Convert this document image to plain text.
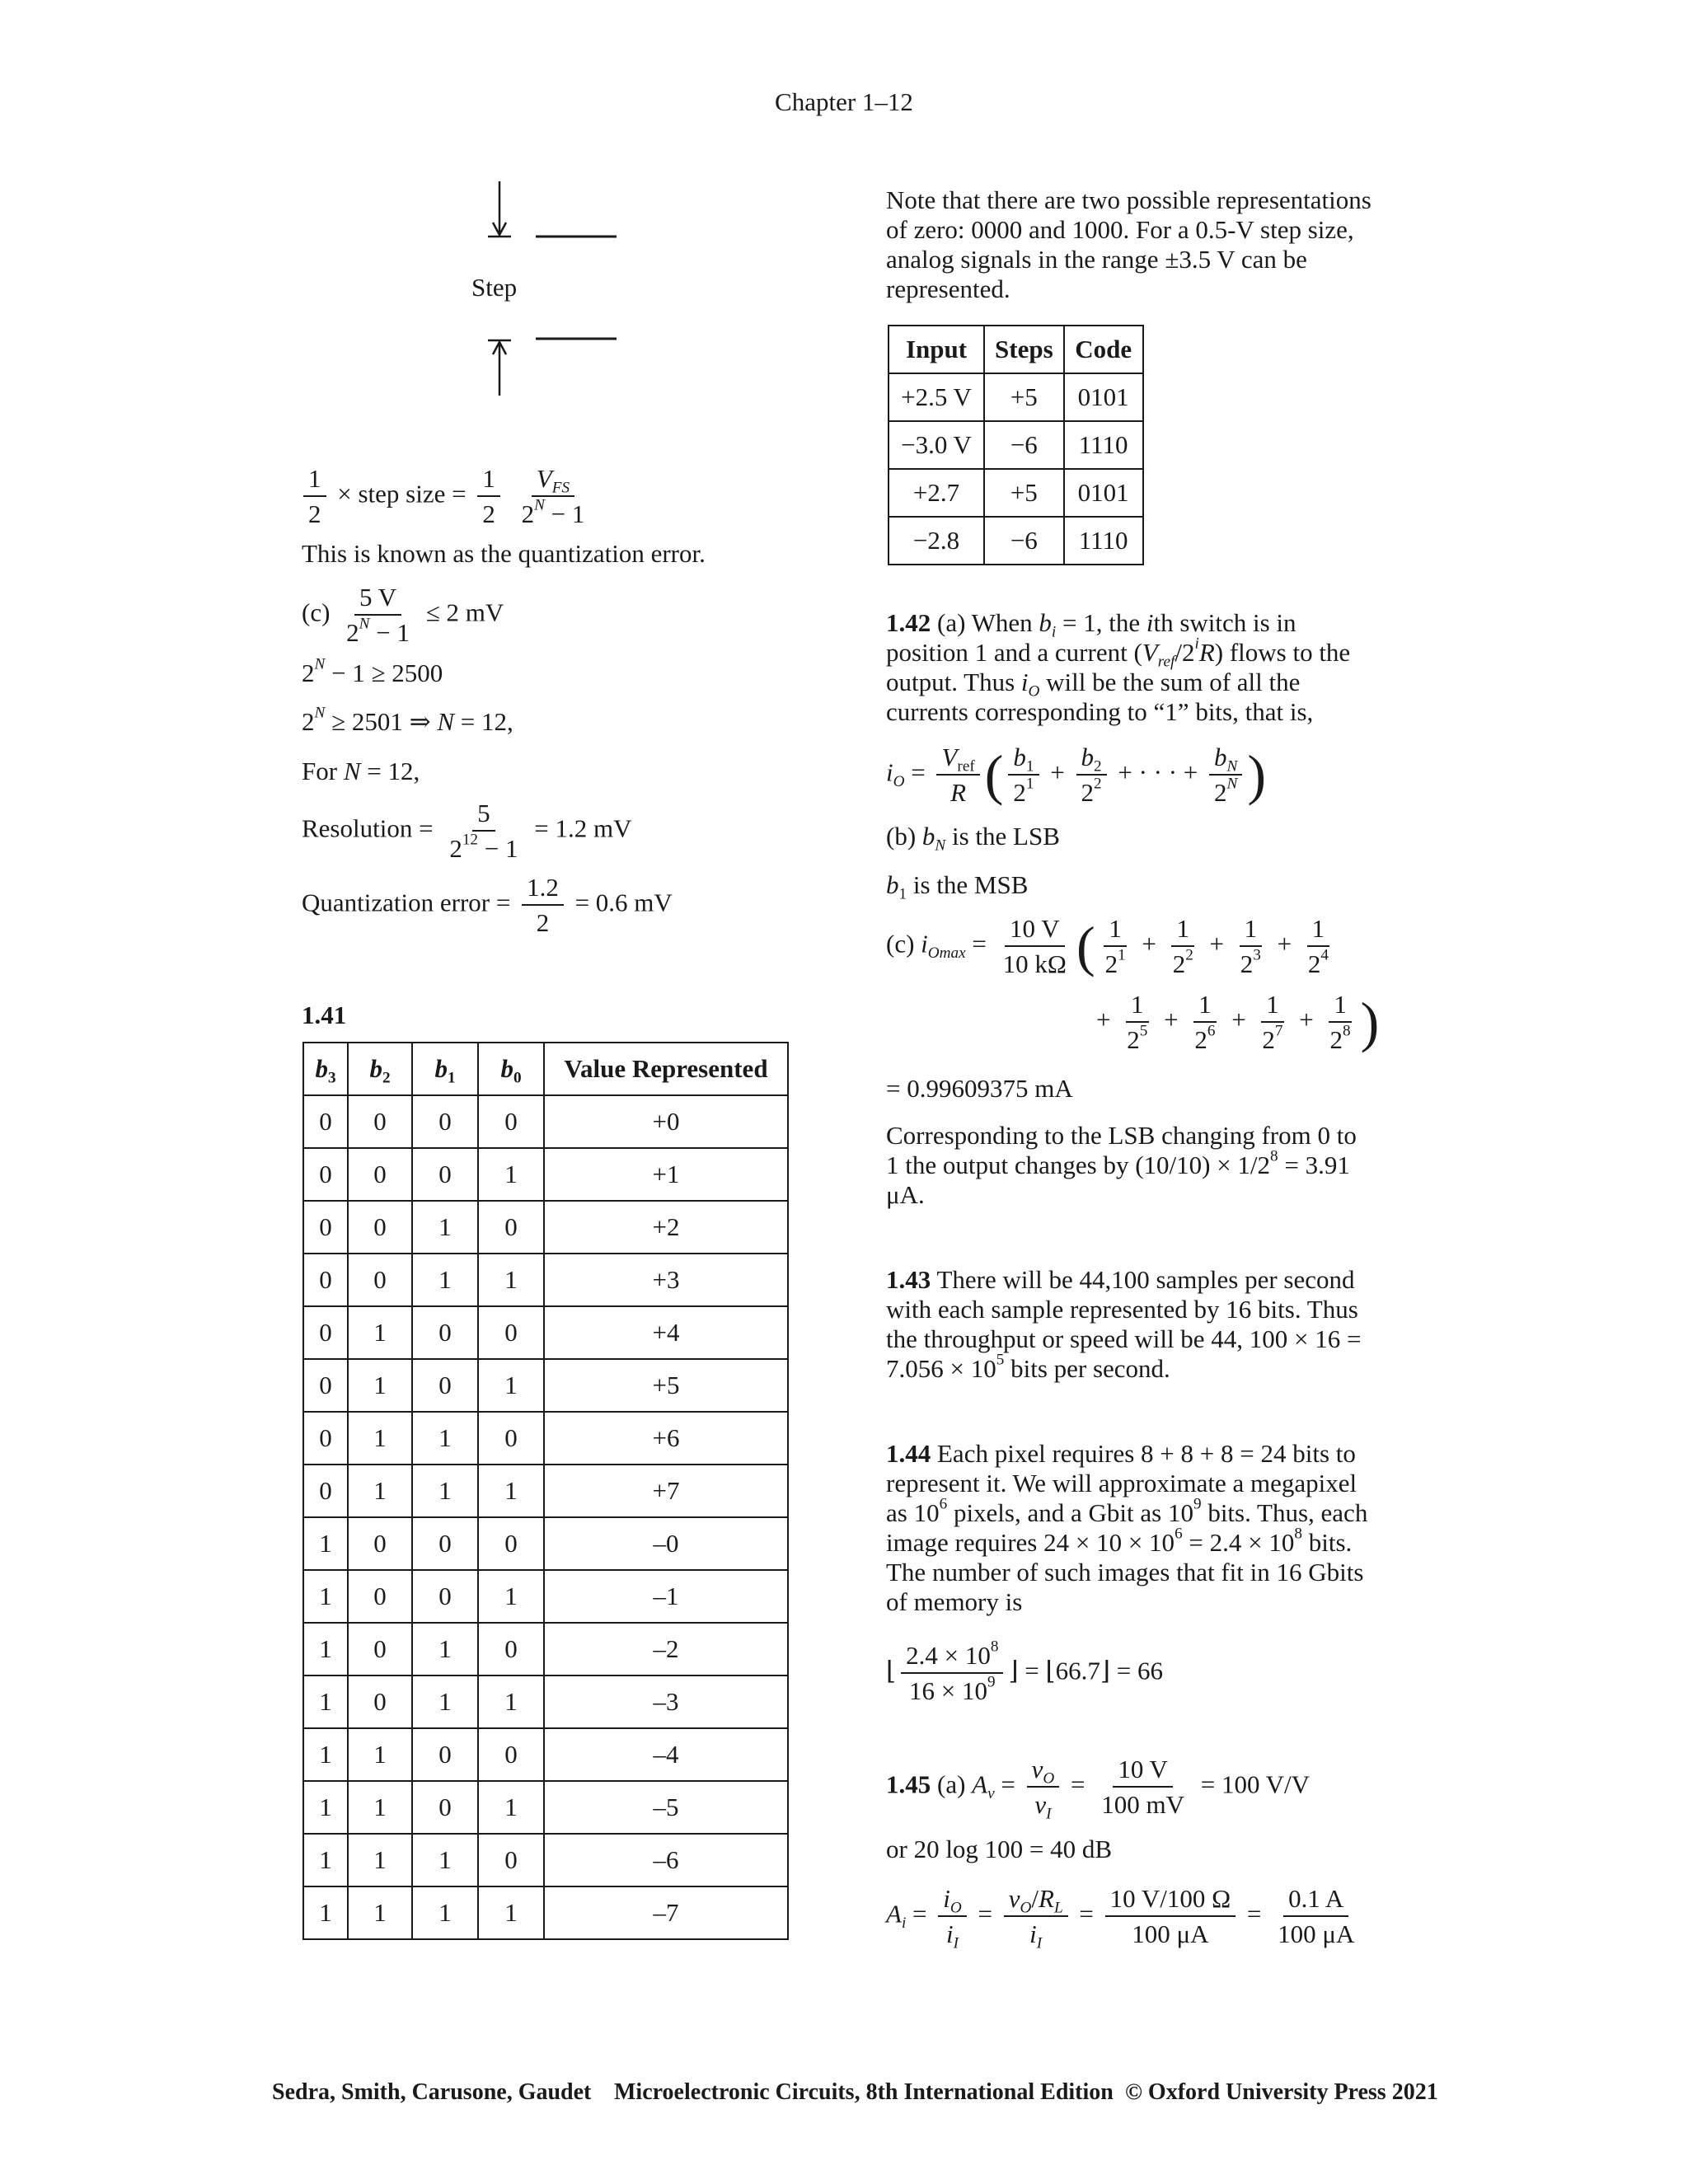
Chapter 1–12
Step
$\frac{1}{2}$ × step size = $\frac{1}{2}$
$\frac{V_{FS}}{2^N - 1}$
This is known as the quantization error.
$(c) \frac{5 V}{2^N - 1} \le 2$ mV
$2^N - 1 \ge 2500$
$2^N \ge 2501$ ⇒ N = 12,
For N = 12,
Resolution = $\frac{5}{2^{12} - 1} = 1.2$ mV
Quantization error = $\frac{1.2}{2} = 0.6$ mV
1.41
$b_3$	$b_2$	$b_1$	$b_0$	Value Represented
0	0	0	0	+0
0	0	0	1	+1
0	0	1	0	+2
0	0	1	1	+3
0	1	0	0	+4
0	1	0	1	+5
0	1	1	0	+6
0	1	1	1	+7
1	0	0	0	–0
1	0	0	1	–1
1	0	1	0	–2
1	0	1	1	–3
1	1	0	0	–4
1	1	0	1	–5
1	1	1	0	–6
1	1	1	1	–7
Note that there are two possible representations of zero: 0000 and 1000. For a 0.5-V step size, analog signals in the range ±3.5 V can be represented.
Input	Steps	Code
+2.5 V	+5	0101
−3.0 V	−6	1110
+2.7	+5	0101
−2.8	−6	1110
1.42 (a) When $b_i = 1$, the ith switch is in position 1 and a current $(V_{ref}/2^iR)$ flows to the output. Thus $i_O$ will be the sum of all the currents corresponding to “1” bits, that is,
$i_O = \frac{V_{ref}}{R}$ ( $\frac{b_1}{2^1} + \frac{b_2}{2^2}$ + · · · + $\frac{b_N}{2^N}$ )
(b) $b_N$ is the LSB
$b_1$ is the MSB
(c) $i_{Omax} = \frac{10 V}{10 k\Omega}$ ( $\frac{1}{2^1} + \frac{1}{2^2} + \frac{1}{2^3} + \frac{1}{2^4}$
+ $\frac{1}{2^5} + \frac{1}{2^6} + \frac{1}{2^7} + \frac{1}{2^8}$ )
= 0.99609375 mA
Corresponding to the LSB changing from 0 to 1 the output changes by $(10/10) \times 1/2^8 = 3.91$ μA.
1.43 There will be 44,100 samples per second with each sample represented by 16 bits. Thus the throughput or speed will be 44, $100 \times 16 = 7.056 \times 10^5$ bits per second.
1.44 Each pixel requires 8 + 8 + 8 = 24 bits to represent it. We will approximate a megapixel as $10^6$ pixels, and a Gbit as $10^9$ bits. Thus, each image requires $24 \times 10 \times 10^6 = 2.4 \times 10^8$ bits. The number of such images that fit in 16 Gbits of memory is
⌊ $\frac{2.4 \times 10^8}{16 \times 10^9}$ ⌋ = ⌊66.7⌋ = 66
1.45 (a) $A_v = \frac{v_O}{v_I} = \frac{10 V}{100 mV} = 100$ V/V
or 20 log 100 = 40 dB
$A_i = \frac{i_O}{i_I} = \frac{v_O/R_L}{i_I} = \frac{10 V/100 \Omega}{100 \mu A} = \frac{0.1 A}{100 \mu A}$
Sedra, Smith, Carusone, Gaudet Microelectronic Circuits, 8th International Edition © Oxford University Press 2021
